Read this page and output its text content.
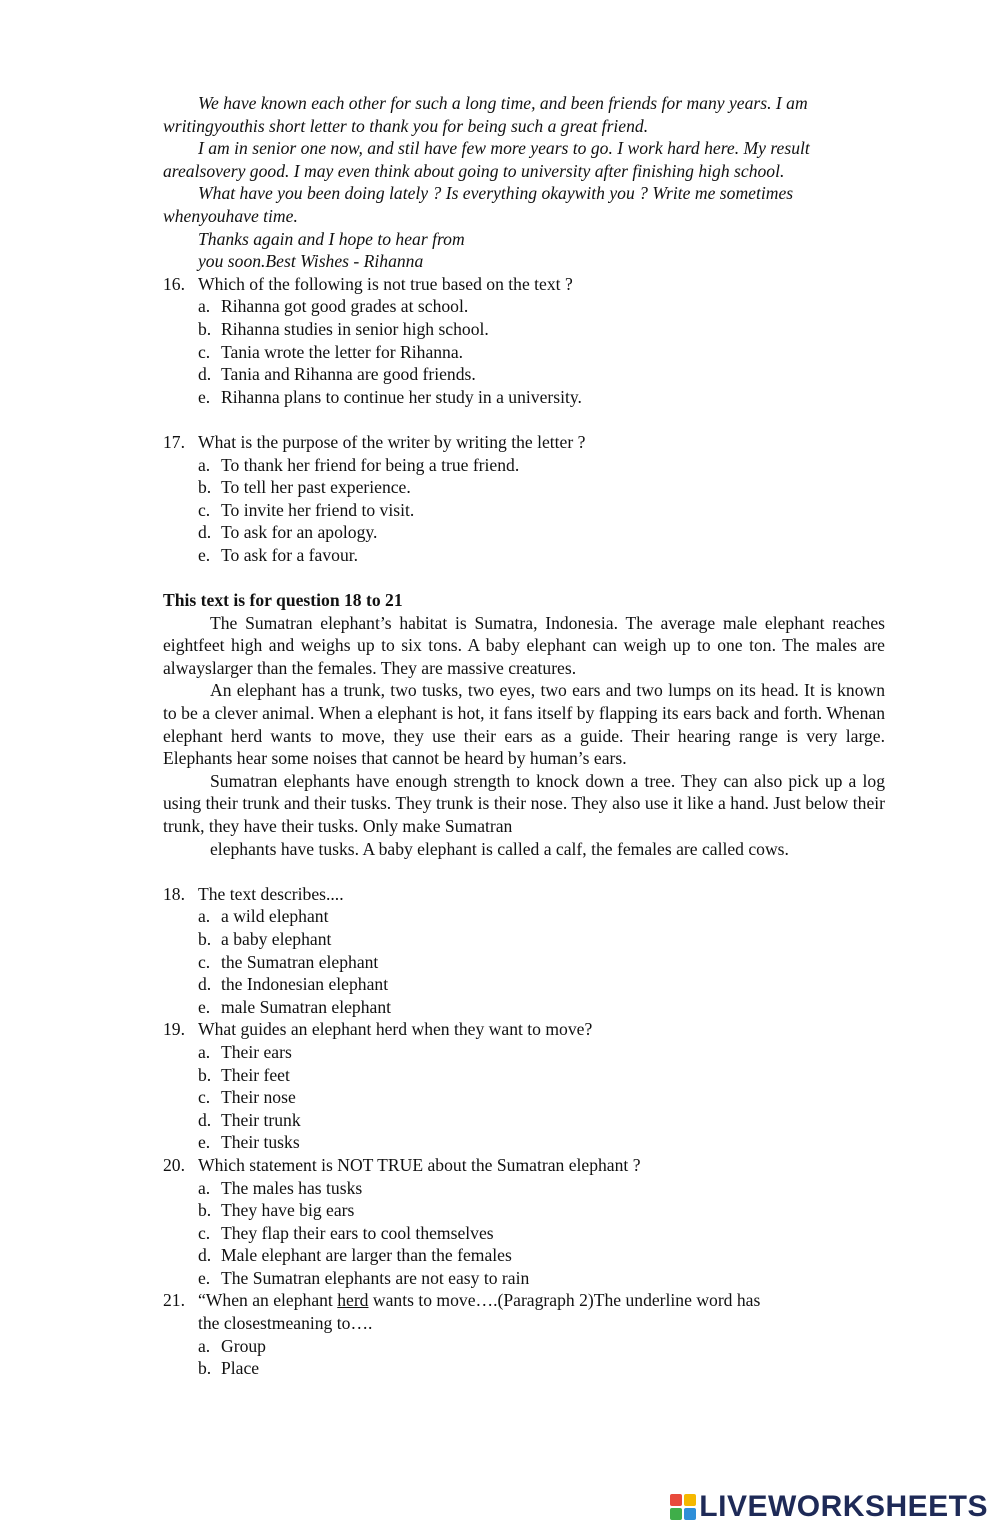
We have known each other for such a long time, and been friends for many years. I am writingyouthis short letter to thank you for being such a great friend.

I am in senior one now, and stil have few more years to go. I work hard here. My result arealsovery good. I may even think about going to university after finishing high school.

What have you been doing lately ? Is everything okaywith you ? Write me sometimes whenyouhave time.

Thanks again and I hope to hear from

you soon.Best Wishes - Rihanna

16. Which of the following is not true based on the text ?

a. Rihanna got good grades at school.
b. Rihanna studies in senior high school.
c. Tania wrote the letter for Rihanna.
d. Tania and Rihanna are good friends.
e. Rihanna plans to continue her study in a university.

17. What is the purpose of the writer by writing the letter ?

a. To thank her friend for being a true friend.
b. To tell her past experience.
c. To invite her friend to visit.
d. To ask for an apology.
e. To ask for a favour.

This text is for question 18 to 21

The Sumatran elephant’s habitat is Sumatra, Indonesia. The average male elephant reaches eightfeet high and weighs up to six tons. A baby elephant can weigh up to one ton. The males are alwayslarger than the females. They are massive creatures.

An elephant has a trunk, two tusks, two eyes, two ears and two lumps on its head. It is known to be a clever animal. When a elephant is hot, it fans itself by flapping its ears back and forth. Whenan elephant herd wants to move, they use their ears as a guide. Their hearing range is very large. Elephants hear some noises that cannot be heard by human’s ears.

Sumatran elephants have enough strength to knock down a tree. They can also pick up a log using their trunk and their tusks. They trunk is their nose. They also use it like a hand. Just below their trunk, they have their tusks. Only make Sumatran

elephants have tusks. A baby elephant is called a calf, the females are called cows.

18. The text describes....

a. a wild elephant
b. a baby elephant
c. the Sumatran elephant
d. the Indonesian elephant
e. male Sumatran elephant

19. What guides an elephant herd when they want to move?

a. Their ears
b. Their feet
c. Their nose
d. Their trunk
e. Their tusks

20. Which statement is NOT TRUE about the Sumatran elephant ?

a. The males has tusks
b. They have big ears
c. They flap their ears to cool themselves
d. Male elephant are larger than the females
e. The Sumatran elephants are not easy to rain

21. “When an elephant herd wants to move….(Paragraph 2)The underline word has

the closestmeaning to….

a. Group
b. Place
LIVEWORKSHEETS
